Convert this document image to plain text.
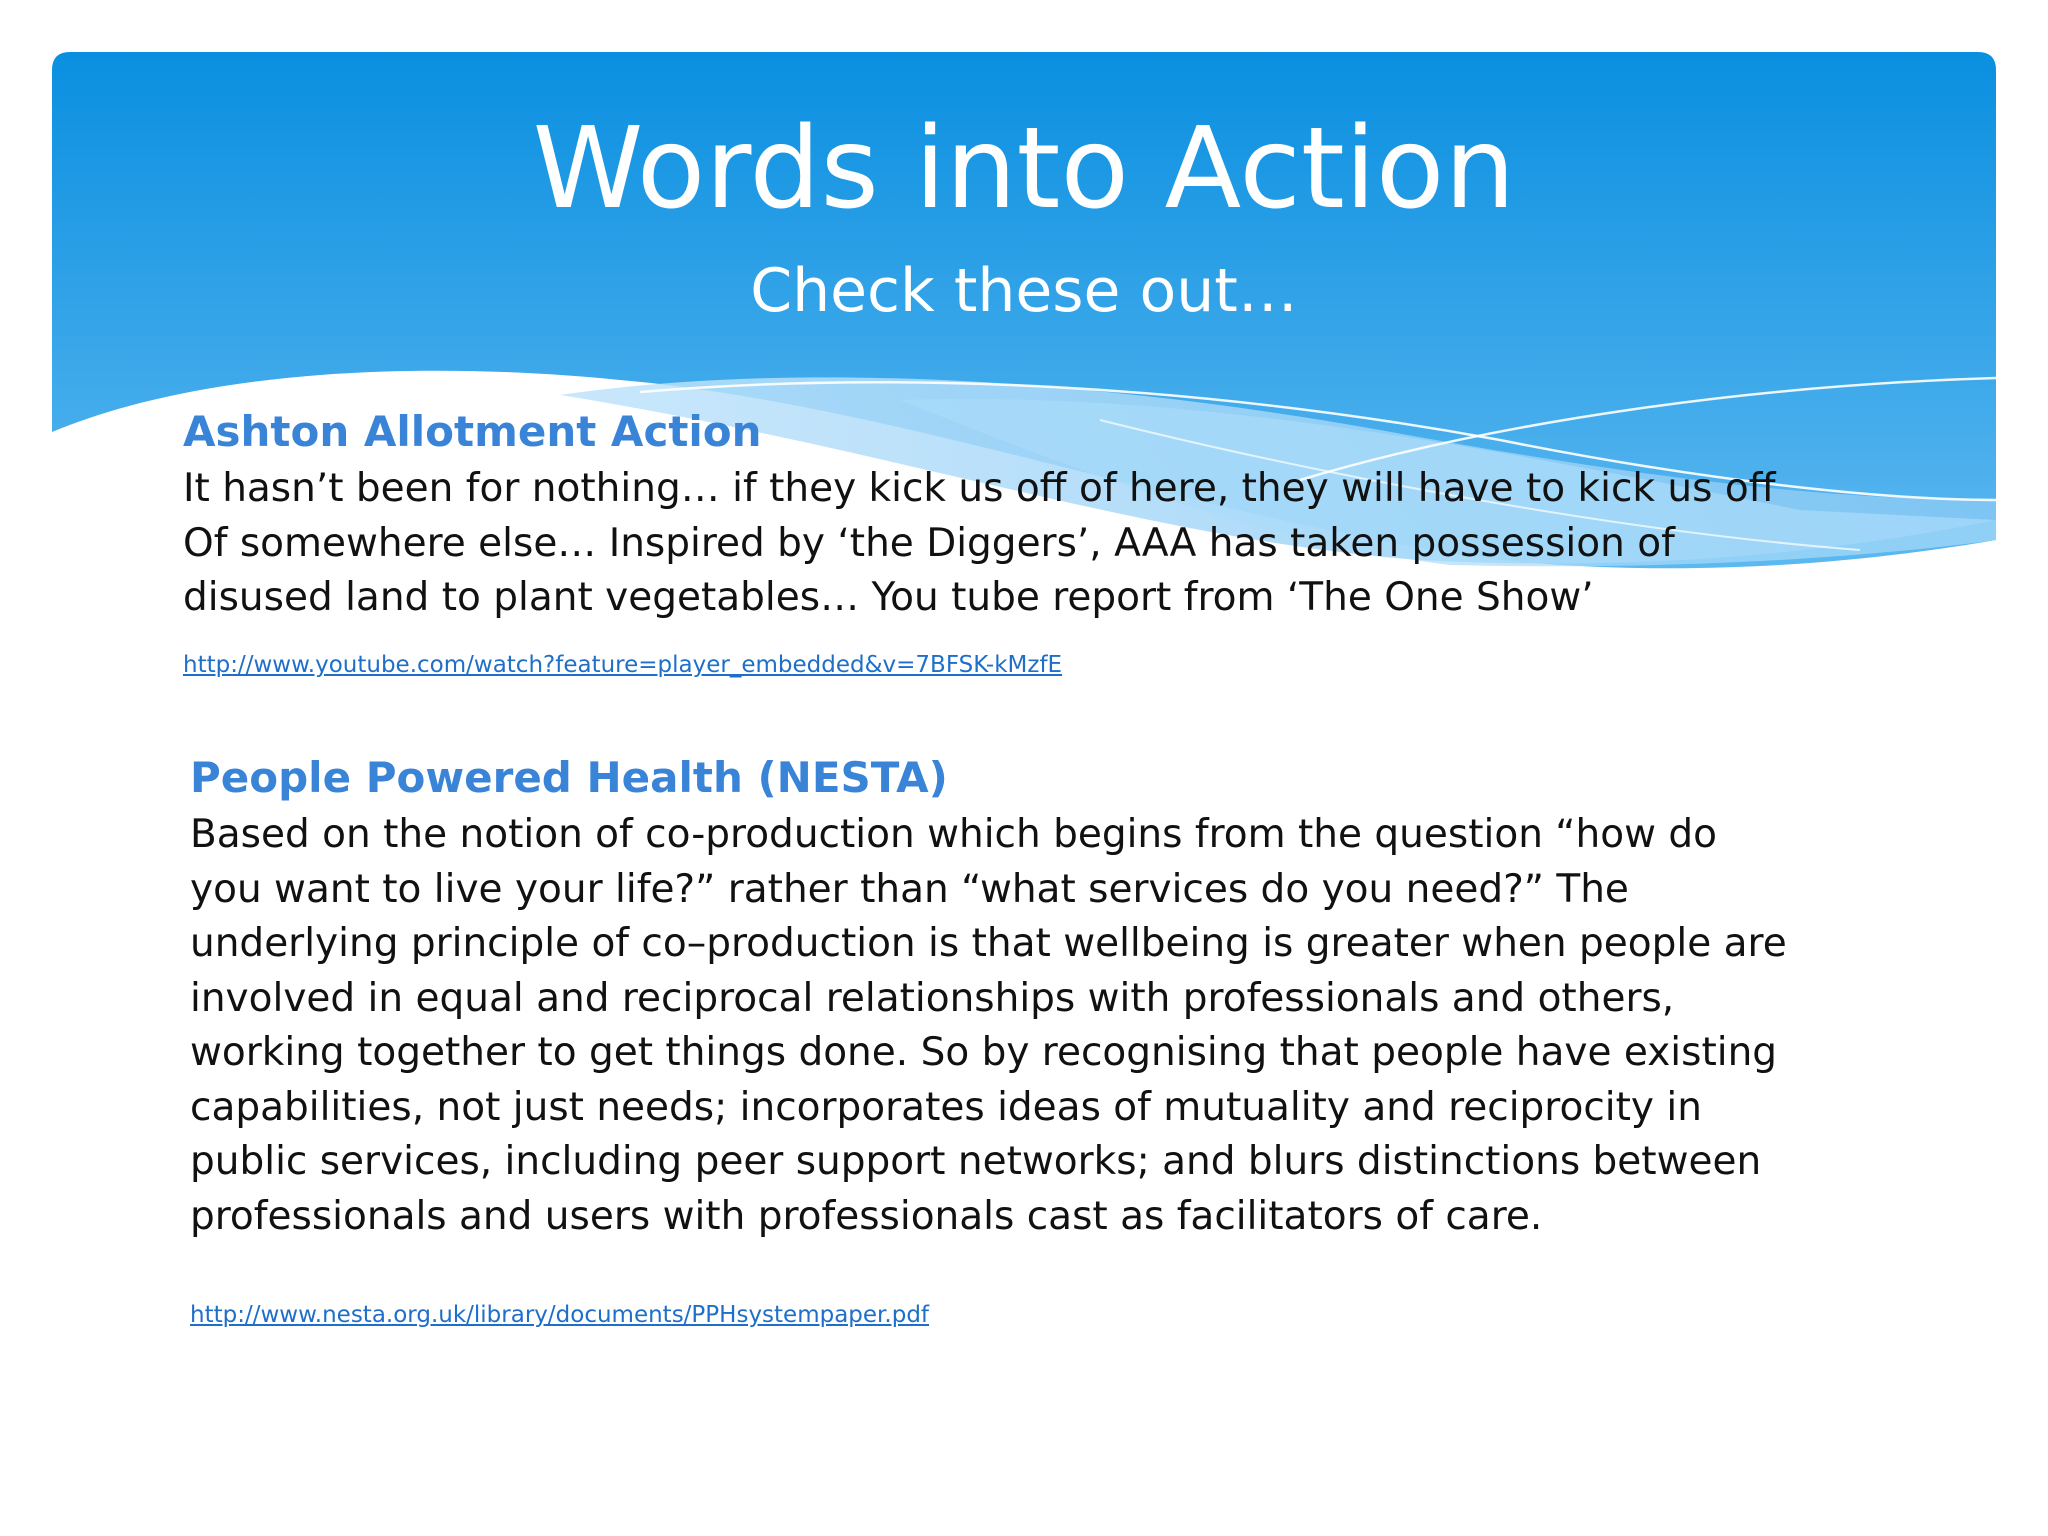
Words into Action
Check these out…

Ashton Allotment Action

It hasn’t been for nothing… if they kick us off of here, they will have to kick us off

Of somewhere else… Inspired by ‘the Diggers’, AAA has taken possession of

disused land to plant vegetables… You tube report from ‘The One Show’

http://www.youtube.com/watch?feature=player_embedded&v=7BFSK-kMzfE

People Powered Health (NESTA)

Based on the notion of co-production which begins from the question “how do

you want to live your life?” rather than “what services do you need?” The

underlying principle of co–production is that wellbeing is greater when people are

involved in equal and reciprocal relationships with professionals and others,

working together to get things done. So by recognising that people have existing

capabilities, not just needs; incorporates ideas of mutuality and reciprocity in

public services, including peer support networks; and blurs distinctions between

professionals and users with professionals cast as facilitators of care.

http://www.nesta.org.uk/library/documents/PPHsystempaper.pdf
